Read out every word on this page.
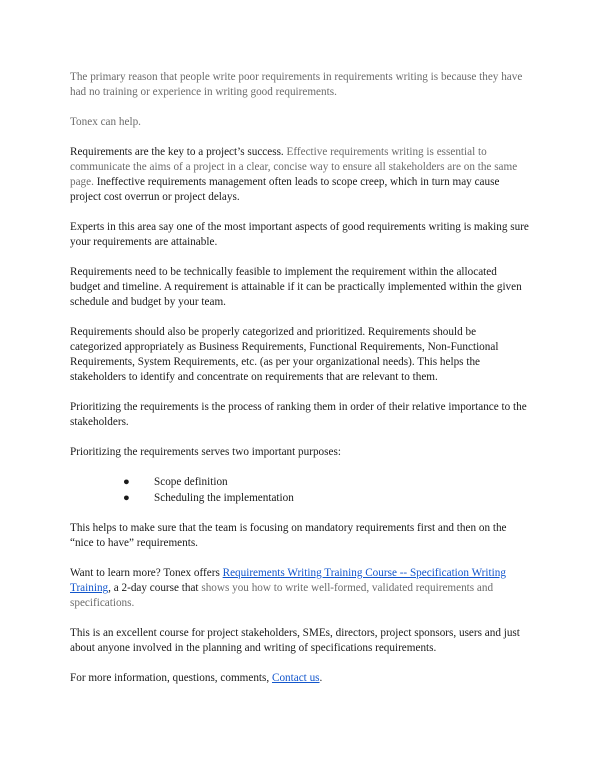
The primary reason that people write poor requirements in requirements writing is because they have had no training or experience in writing good requirements.

Tonex can help.

Requirements are the key to a project’s success. Effective requirements writing is essential to communicate the aims of a project in a clear, concise way to ensure all stakeholders are on the same page. Ineffective requirements management often leads to scope creep, which in turn may cause project cost overrun or project delays.

Experts in this area say one of the most important aspects of good requirements writing is making sure your requirements are attainable.

Requirements need to be technically feasible to implement the requirement within the allocated budget and timeline. A requirement is attainable if it can be practically implemented within the given schedule and budget by your team.

Requirements should also be properly categorized and prioritized. Requirements should be categorized appropriately as Business Requirements, Functional Requirements, Non-Functional Requirements, System Requirements, etc. (as per your organizational needs). This helps the stakeholders to identify and concentrate on requirements that are relevant to them.

Prioritizing the requirements is the process of ranking them in order of their relative importance to the stakeholders.

Prioritizing the requirements serves two important purposes:

● Scope definition
● Scheduling the implementation

This helps to make sure that the team is focusing on mandatory requirements first and then on the “nice to have” requirements.

Want to learn more? Tonex offers Requirements Writing Training Course -- Specification Writing Training, a 2-day course that shows you how to write well-formed, validated requirements and specifications.

This is an excellent course for project stakeholders, SMEs, directors, project sponsors, users and just about anyone involved in the planning and writing of specifications requirements.

For more information, questions, comments, Contact us.
